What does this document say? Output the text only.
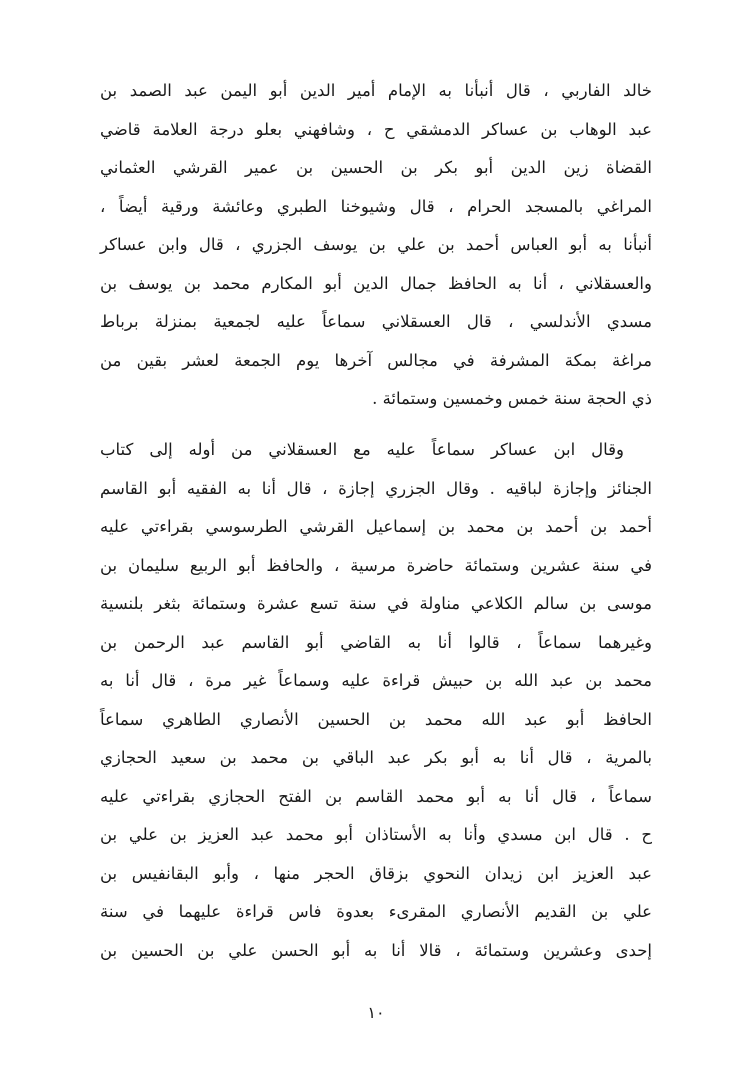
خالد الفاربي ، قال أنبأنا به الإمام أمير الدين أبو اليمن عبد الصمد بن
عبد الوهاب بن عساكر الدمشقي ح ، وشافهني بعلو درجة العلامة قاضي
القضاة زين الدين أبو بكر بن الحسين بن عمير القرشي العثماني
المراغي بالمسجد الحرام ، قال وشيوخنا الطبري وعائشة ورقية أيضاً ،
أنبأنا به أبو العباس أحمد بن علي بن يوسف الجزري ، قال وابن عساكر
والعسقلاني ، أنا به الحافظ جمال الدين أبو المكارم محمد بن يوسف بن
مسدي الأندلسي ، قال العسقلاني سماعاً عليه لجمعية بمنزلة برباط
مراغة بمكة المشرفة في مجالس آخرها يوم الجمعة لعشر بقين من
ذي الحجة سنة خمس وخمسين وستمائة .
وقال ابن عساكر سماعاً عليه مع العسقلاني من أوله إلى كتاب
الجنائز وإجازة لباقيه . وقال الجزري إجازة ، قال أنا به الفقيه أبو القاسم
أحمد بن أحمد بن محمد بن إسماعيل القرشي الطرسوسي بقراءتي عليه
في سنة عشرين وستمائة حاضرة مرسية ، والحافظ أبو الربيع سليمان بن
موسى بن سالم الكلاعي مناولة في سنة تسع عشرة وستمائة بثغر بلنسية
وغيرهما سماعاً ، قالوا أنا به القاضي أبو القاسم عبد الرحمن بن
محمد بن عبد الله بن حبيش قراءة عليه وسماعاً غير مرة ، قال أنا به
الحافظ أبو عبد الله محمد بن الحسين الأنصاري الطاهري سماعاً
بالمرية ، قال أنا به أبو بكر عبد الباقي بن محمد بن سعيد الحجازي
سماعاً ، قال أنا به أبو محمد القاسم بن الفتح الحجازي بقراءتي عليه
ح . قال ابن مسدي وأنا به الأستاذان أبو محمد عبد العزيز بن علي بن
عبد العزيز ابن زيدان النحوي بزقاق الحجر منها ، وأبو البقانفيس بن
علي بن القديم الأنصاري المقرىء بعدوة فاس قراءة عليهما في سنة
إحدى وعشرين وستمائة ، قالا أنا به أبو الحسن علي بن الحسين بن
١٠
